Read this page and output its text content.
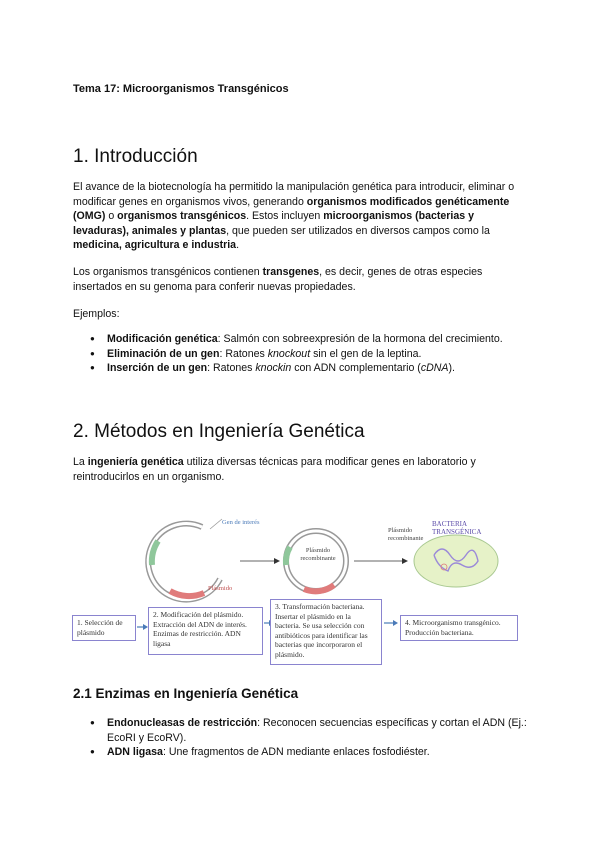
Tema 17: Microorganismos Transgénicos
1. Introducción

El avance de la biotecnología ha permitido la manipulación genética para introducir, eliminar o modificar genes en organismos vivos, generando organismos modificados genéticamente (OMG) o organismos transgénicos. Estos incluyen microorganismos (bacterias y levaduras), animales y plantas, que pueden ser utilizados en diversos campos como la medicina, agricultura e industria.

Los organismos transgénicos contienen transgenes, es decir, genes de otras especies insertados en su genoma para conferir nuevas propiedades.

Ejemplos:

● Modificación genética: Salmón con sobreexpresión de la hormona del crecimiento.
● Eliminación de un gen: Ratones knockout sin el gen de la leptina.
● Inserción de un gen: Ratones knockin con ADN complementario (cDNA).
2. Métodos en Ingeniería Genética

La ingeniería genética utiliza diversas técnicas para modificar genes en laboratorio y reintroducirlos en un organismo.

Gen de interés
Plásmido
Plásmido recombinante
Plásmido recombinante
BACTERIA TRANSGÉNICA
1. Selección de plásmido
2. Modificación del plásmido. Extracción del ADN de interés. Enzimas de restricción. ADN ligasa
3. Transformación bacteriana. Insertar el plásmido en la bacteria. Se usa selección con antibióticos para identificar las bacterias que incorporaron el plásmido.
4. Microorganismo transgénico. Producción bacteriana.
2.1 Enzimas en Ingeniería Genética
● Endonucleasas de restricción: Reconocen secuencias específicas y cortan el ADN (Ej.: EcoRI y EcoRV).
● ADN ligasa: Une fragmentos de ADN mediante enlaces fosfodiéster.
